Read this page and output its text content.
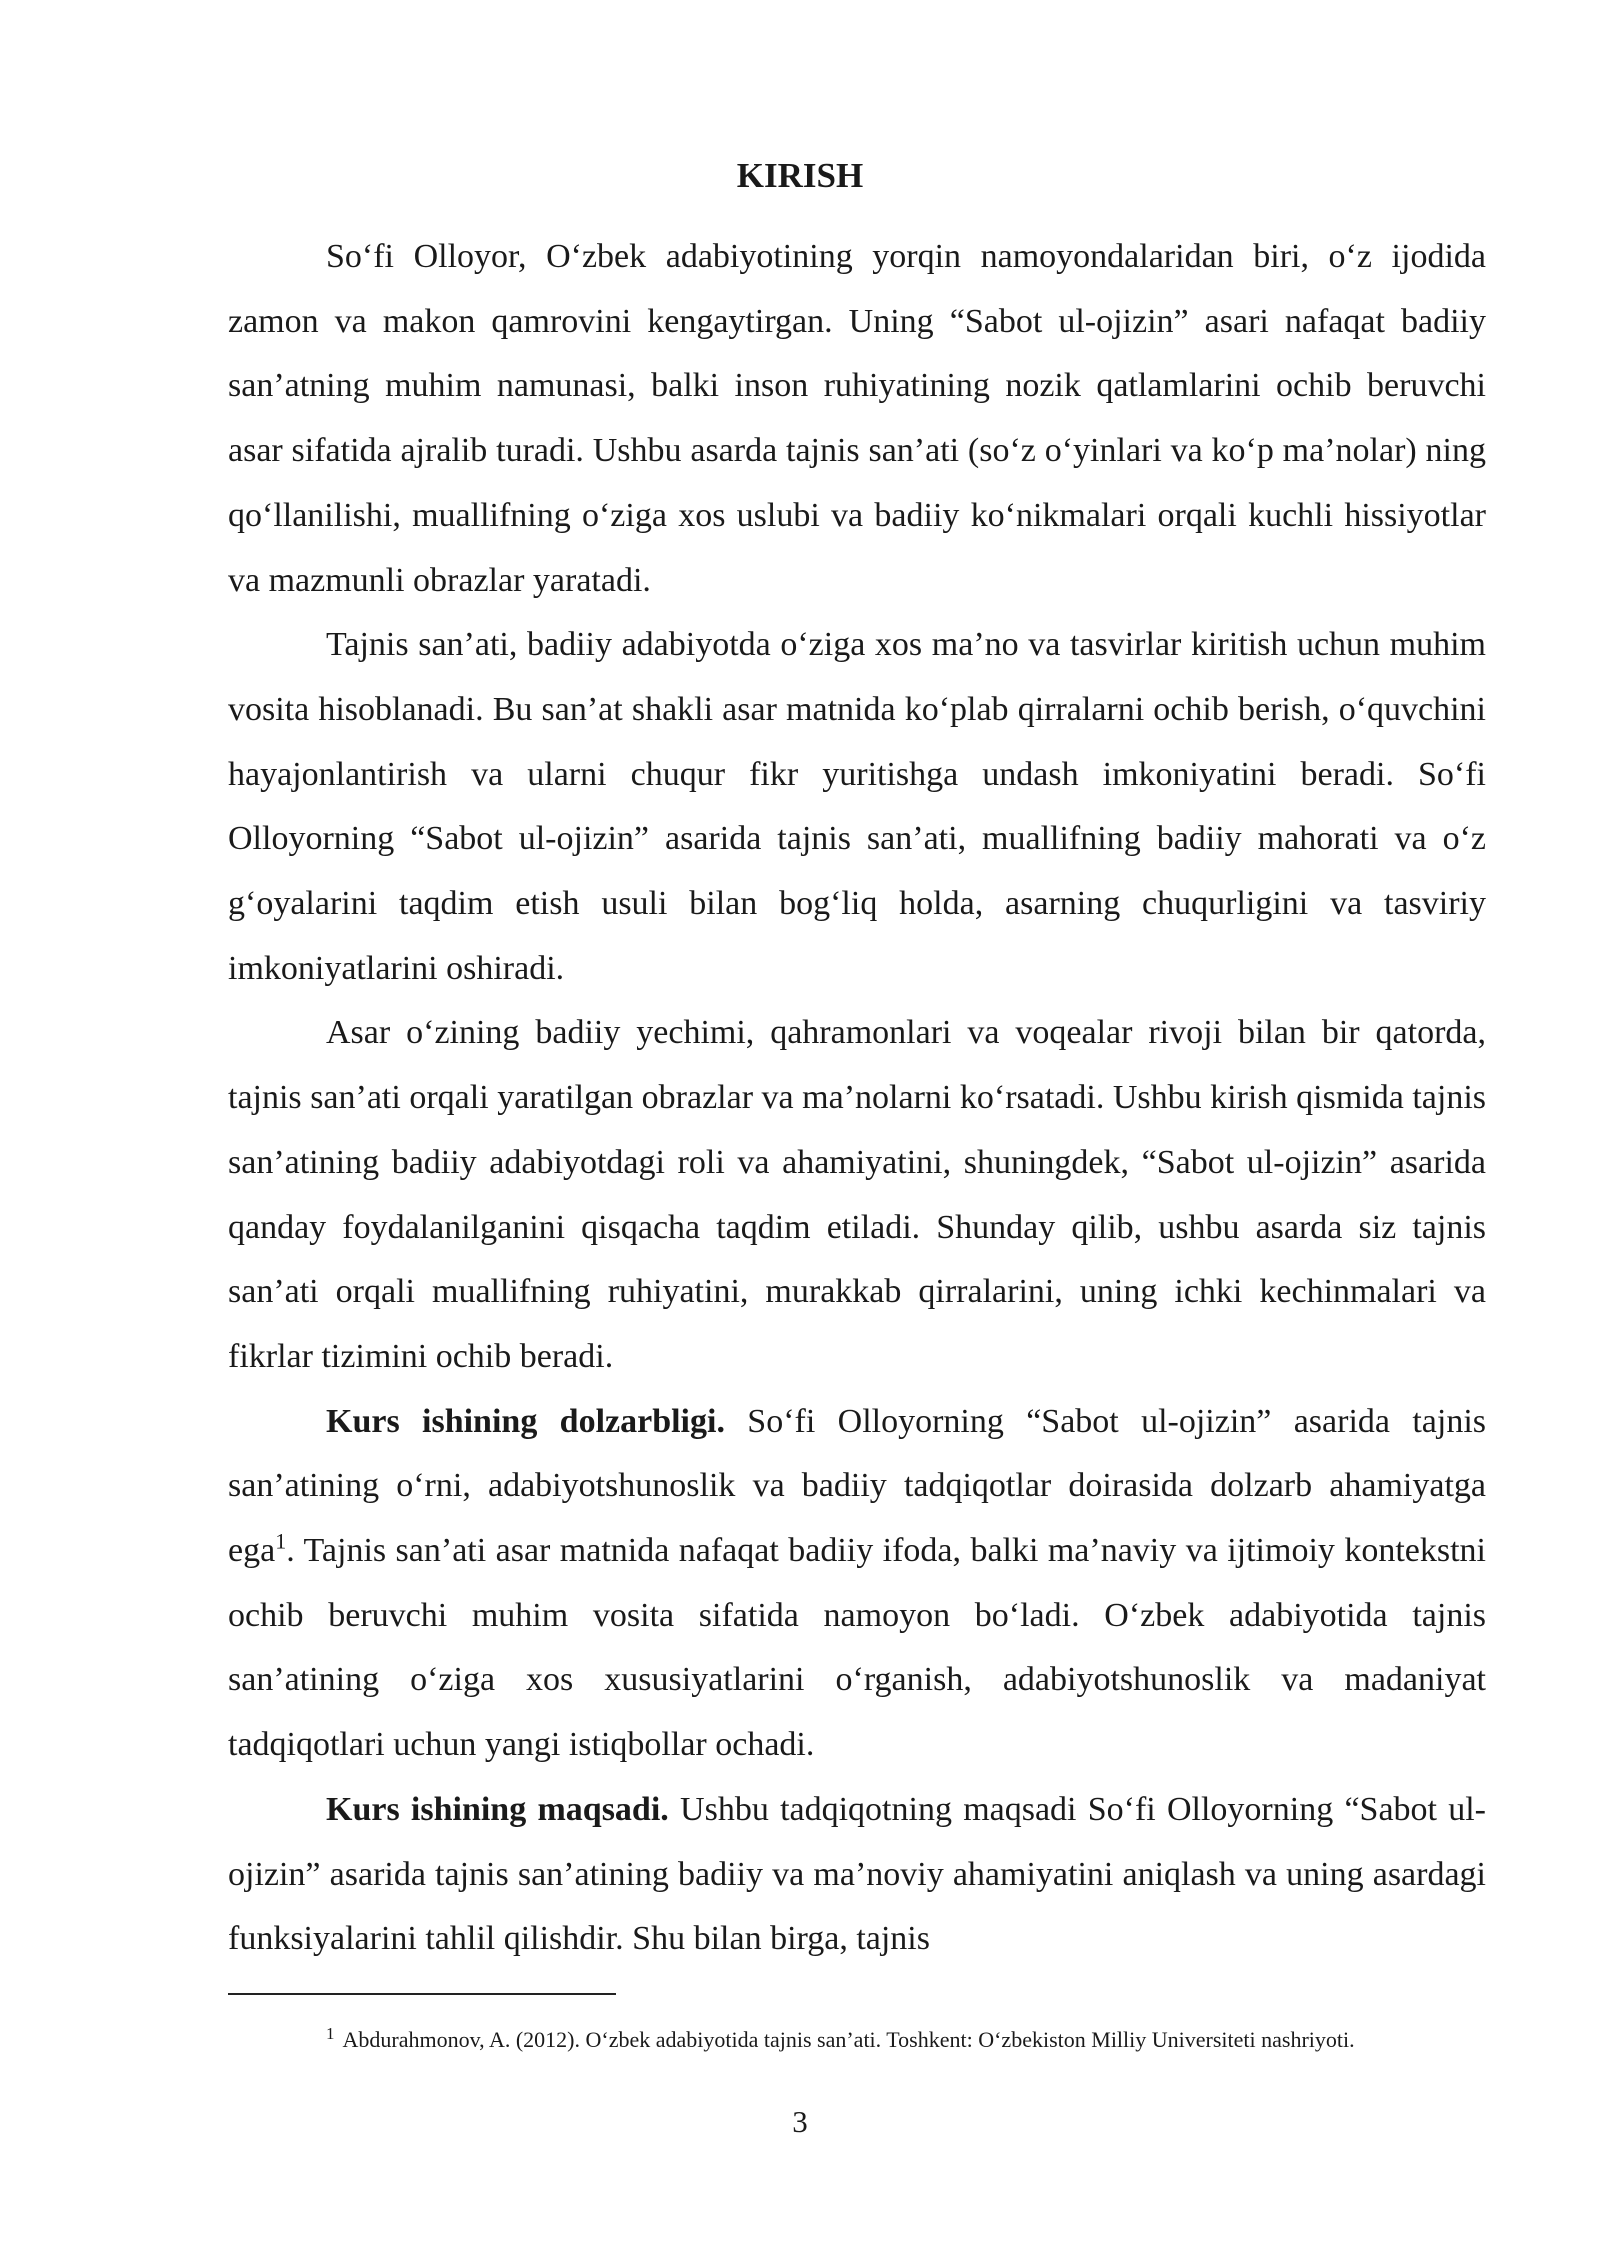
KIRISH

So‘fi Olloyor, O‘zbek adabiyotining yorqin namoyondalaridan biri, o‘z ijodida zamon va makon qamrovini kengaytirgan. Uning “Sabot ul-ojizin” asari nafaqat badiiy san’atning muhim namunasi, balki inson ruhiyatining nozik qatlamlarini ochib beruvchi asar sifatida ajralib turadi. Ushbu asarda tajnis san’ati (so‘z o‘yinlari va ko‘p ma’nolar) ning qo‘llanilishi, muallifning o‘ziga xos uslubi va badiiy ko‘nikmalari orqali kuchli hissiyotlar va mazmunli obrazlar yaratadi.

Tajnis san’ati, badiiy adabiyotda o‘ziga xos ma’no va tasvirlar kiritish uchun muhim vosita hisoblanadi. Bu san’at shakli asar matnida ko‘plab qirralarni ochib berish, o‘quvchini hayajonlantirish va ularni chuqur fikr yuritishga undash imkoniyatini beradi. So‘fi Olloyorning “Sabot ul-ojizin” asarida tajnis san’ati, muallifning badiiy mahorati va o‘z g‘oyalarini taqdim etish usuli bilan bog‘liq holda, asarning chuqurligini va tasviriy imkoniyatlarini oshiradi.

Asar o‘zining badiiy yechimi, qahramonlari va voqealar rivoji bilan bir qatorda, tajnis san’ati orqali yaratilgan obrazlar va ma’nolarni ko‘rsatadi. Ushbu kirish qismida tajnis san’atining badiiy adabiyotdagi roli va ahamiyatini, shuningdek, “Sabot ul-ojizin” asarida qanday foydalanilganini qisqacha taqdim etiladi. Shunday qilib, ushbu asarda siz tajnis san’ati orqali muallifning ruhiyatini, murakkab qirralarini, uning ichki kechinmalari va fikrlar tizimini ochib beradi.

Kurs ishining dolzarbligi. So‘fi Olloyorning “Sabot ul-ojizin” asarida tajnis san’atining o‘rni, adabiyotshunoslik va badiiy tadqiqotlar doirasida dolzarb ahamiyatga ega$^1$. Tajnis san’ati asar matnida nafaqat badiiy ifoda, balki ma’naviy va ijtimoiy kontekstni ochib beruvchi muhim vosita sifatida namoyon bo‘ladi. O‘zbek adabiyotida tajnis san’atining o‘ziga xos xususiyatlarini o‘rganish, adabiyotshunoslik va madaniyat tadqiqotlari uchun yangi istiqbollar ochadi.

Kurs ishining maqsadi. Ushbu tadqiqotning maqsadi So‘fi Olloyorning “Sabot ul-ojizin” asarida tajnis san’atining badiiy va ma’noviy ahamiyatini aniqlash va uning asardagi funksiyalarini tahlil qilishdir. Shu bilan birga, tajnis

$^1$ Abdurahmonov, A. (2012). O‘zbek adabiyotida tajnis san’ati. Toshkent: O‘zbekiston Milliy Universiteti nashriyoti.
3
